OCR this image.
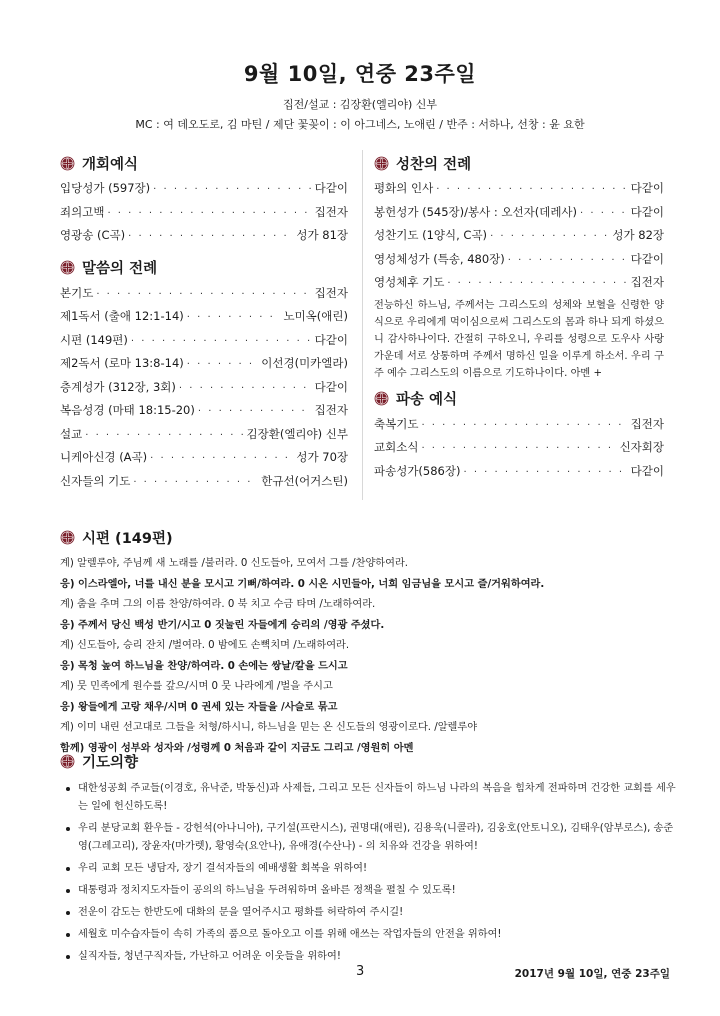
9월 10일, 연중 23주일
집전/설교 : 김장환(엘리야) 신부
MC : 여 데오도로, 김 마틴 / 제단 꽃꽂이 : 이 아그네스, 노애린 / 반주 : 서하나, 선창 : 윤 요한
개회예식
입당성가 (597장) · · ·	다같이
죄의고백 · · ·	집전자
영광송 (C곡) · · ·	성가 81장
말씀의 전례
본기도 · · ·	집전자
제1독서 (출애 12:1-14) · · ·	노미옥(애린)
시편 (149편) · · ·	다같이
제2독서 (로마 13:8-14) · · ·	이선경(미카엘라)
층계성가 (312장, 3회) · · ·	다같이
복음성경 (마태 18:15-20) · · ·	집전자
설교 · · ·	김장환(엘리야) 신부
니케아신경 (A곡) · · ·	성가 70장
신자들의 기도 · · ·	한규선(어거스틴)
성찬의 전례
평화의 인사 · · ·	다같이
봉헌성가 (545장)/봉사 : 오선자(데레사) · · ·	다같이
성찬기도 (1양식, C곡) · · ·	성가 82장
영성체성가 (특송, 480장) · · ·	다같이
영성체후 기도 · · ·	집전자
전능하신 하느님, 주께서는 그리스도의 성체와 보혈을 신령한 양식으로 우리에게 먹이심으로써 그리스도의 몸과 하나 되게 하셨으니 감사하나이다. 간절히 구하오니, 우리를 성령으로 도우사 사랑 가운데 서로 상통하며 주께서 명하신 일을 이루게 하소서. 우리 구주 예수 그리스도의 이름으로 기도하나이다. 아멘 +
파송 예식
축복기도 · · ·	집전자
교회소식 · · ·	신자회장
파송성가(586장) · · ·	다같이
시편 (149편)
계) 알렐루야, 주님께 새 노래를 /불러라. 0 신도들아, 모여서 그를 /찬양하여라.
응) 이스라엘아, 너를 내신 분을 모시고 기뻐/하여라. 0 시온 시민들아, 너희 임금님을 모시고 즐/거워하여라.
계) 춤을 추며 그의 이름 찬양/하여라. 0 북 치고 수금 타며 /노래하여라.
응) 주께서 당신 백성 반기/시고 0 짓눌린 자들에게 승리의 /영광 주셨다.
계) 신도들아, 승리 잔치 /벌여라. 0 밤에도 손뼉치며 /노래하여라.
응) 목청 높여 하느님을 찬양/하여라. 0 손에는 쌍날/칼을 드시고
계) 뭇 민족에게 원수를 갚으/시며 0 뭇 나라에게 /벌을 주시고
응) 왕들에게 고랑 채우/시며 0 권세 있는 자들을 /사슬로 묶고
계) 이미 내린 선고대로 그들을 처형/하시니, 하느님을 믿는 온 신도들의 영광이로다. /알렐루야
함께) 영광이 성부와 성자와 /성령께 0 처음과 같이 지금도 그리고 /영원히 아멘
기도의향
대한성공회 주교들(이경호, 유낙준, 박동신)과 사제들, 그리고 모든 신자들이 하느님 나라의 복음을 힘차게 전파하며 건강한 교회를 세우는 일에 헌신하도록!
우리 분당교회 환우들 - 강헌석(아나니아), 구기설(프란시스), 권명대(애린), 김용욱(니콜라), 김웅호(안토니오), 김태우(암부로스), 송준영(그레고리), 장윤자(마가렛), 황영숙(요안나), 유애경(수산나) - 의 치유와 건강을 위하여!
우리 교회 모든 냉담자, 장기 결석자들의 예배생활 회복을 위하여!
대통령과 정치지도자들이 공의의 하느님을 두려워하며 올바른 정책을 펼칠 수 있도록!
전운이 감도는 한반도에 대화의 문을 열어주시고 평화를 허락하여 주시길!
세월호 미수습자들이 속히 가족의 품으로 돌아오고 이를 위해 애쓰는 작업자들의 안전을 위하여!
실직자들, 청년구직자들, 가난하고 어려운 이웃들을 위하여!
3	2017년 9월 10일, 연중 23주일
